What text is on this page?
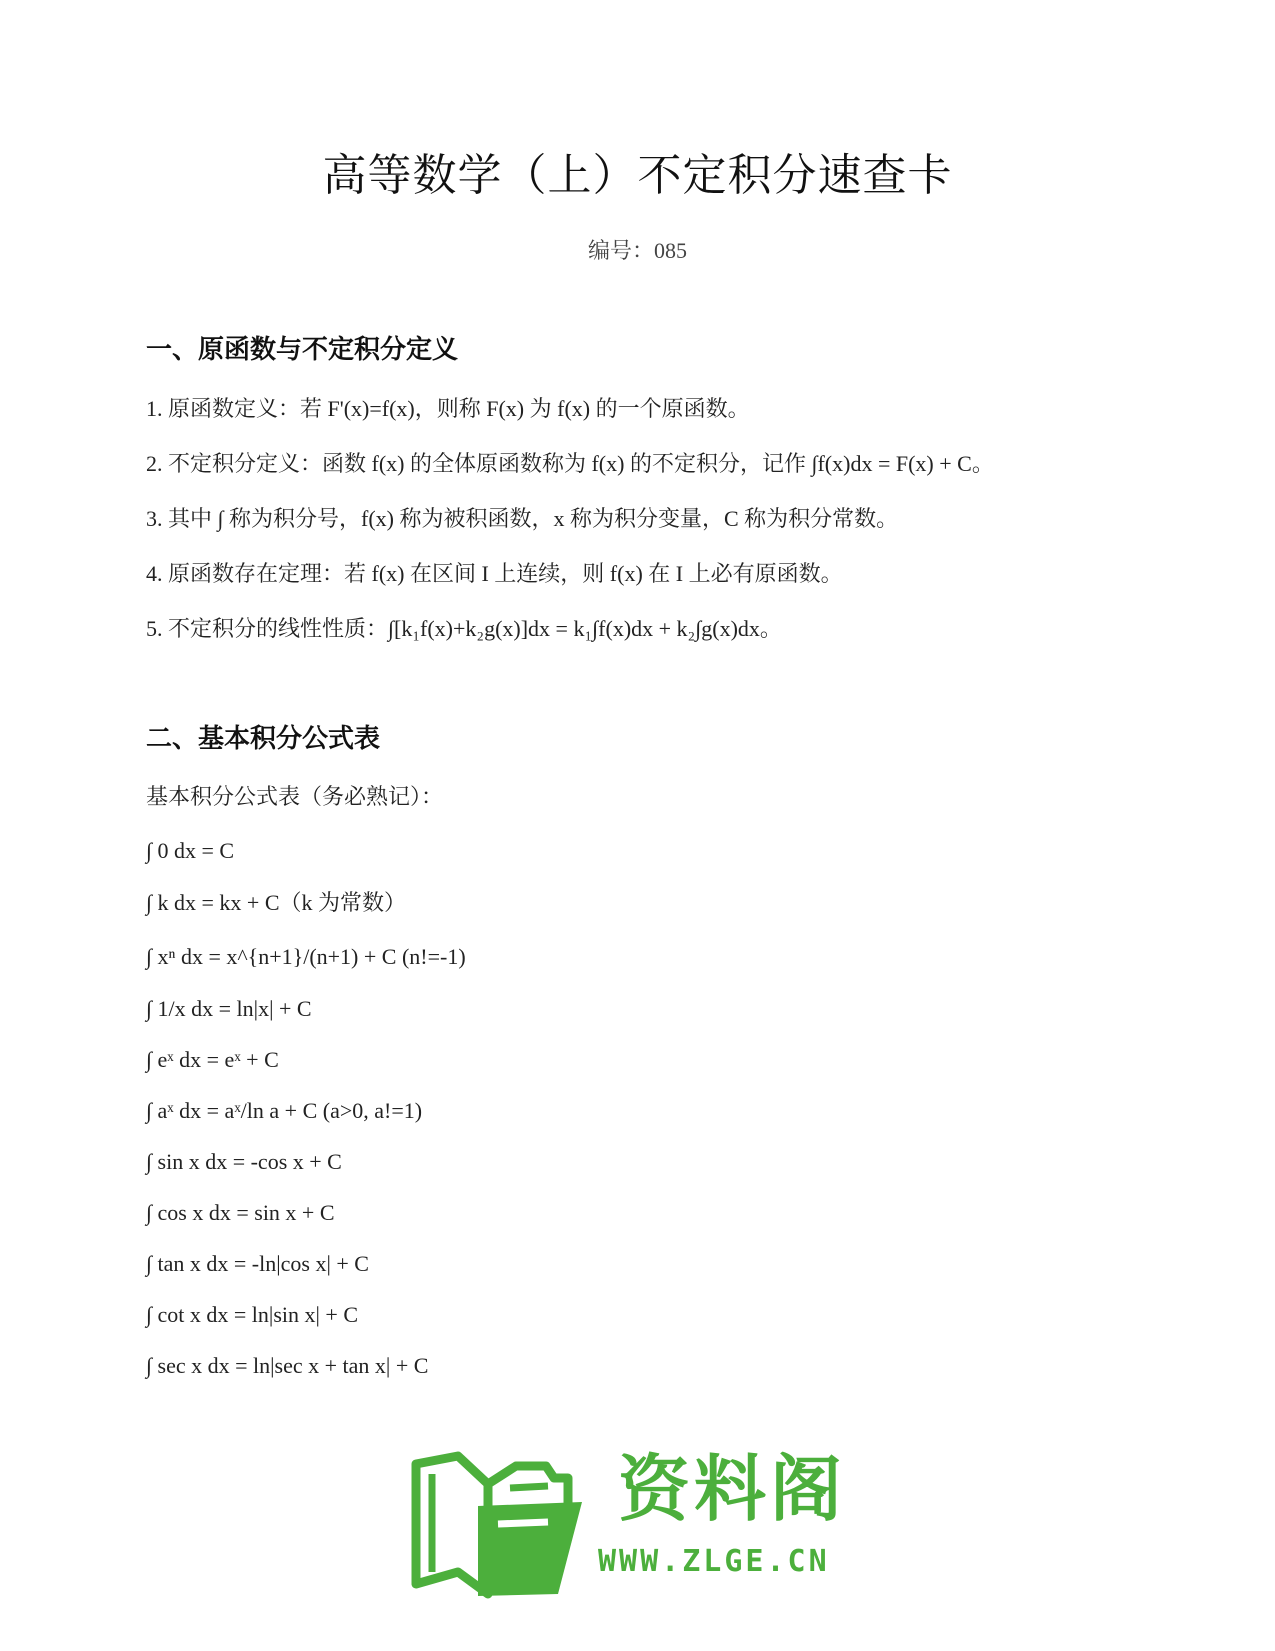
高等数学（上）不定积分速查卡
编号：085
一、原函数与不定积分定义
1. 原函数定义：若 F'(x)=f(x)，则称 F(x) 为 f(x) 的一个原函数。
2. 不定积分定义：函数 f(x) 的全体原函数称为 f(x) 的不定积分，记作 ∫f(x)dx = F(x) + C。
3. 其中 ∫ 称为积分号，f(x) 称为被积函数，x 称为积分变量，C 称为积分常数。
4. 原函数存在定理：若 f(x) 在区间 I 上连续，则 f(x) 在 I 上必有原函数。
5. 不定积分的线性性质：∫[k₁f(x)+k₂g(x)]dx = k₁∫f(x)dx + k₂∫g(x)dx。
二、基本积分公式表
基本积分公式表（务必熟记）：
∫ 0 dx = C
∫ k dx = kx + C（k 为常数）
∫ xⁿ dx = x^{n+1}/(n+1) + C (n!=-1)
∫ 1/x dx = ln|x| + C
∫ eˣ dx = eˣ + C
∫ aˣ dx = aˣ/ln a + C (a>0, a!=1)
∫ sin x dx = -cos x + C
∫ cos x dx = sin x + C
∫ tan x dx = -ln|cos x| + C
∫ cot x dx = ln|sin x| + C
∫ sec x dx = ln|sec x + tan x| + C
资料阁
WWW.ZLGE.CN
